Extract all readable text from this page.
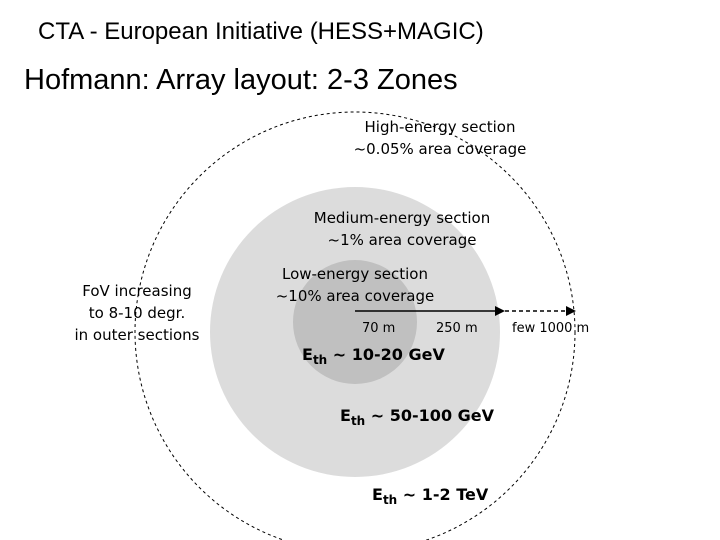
CTA - European Initiative (HESS+MAGIC)
Hofmann: Array layout: 2-3 Zones
High-energy section
~0.05% area coverage
Medium-energy section
~1% area coverage
Low-energy section
~10% area coverage
FoV increasing
to 8-10 degr.
in outer sections	70 m	250 m	few 1000 m
$E_{th}$ ~ 10-20 GeV
$E_{th}$ ~ 50-100 GeV
$E_{th}$ ~ 1-2 TeV
